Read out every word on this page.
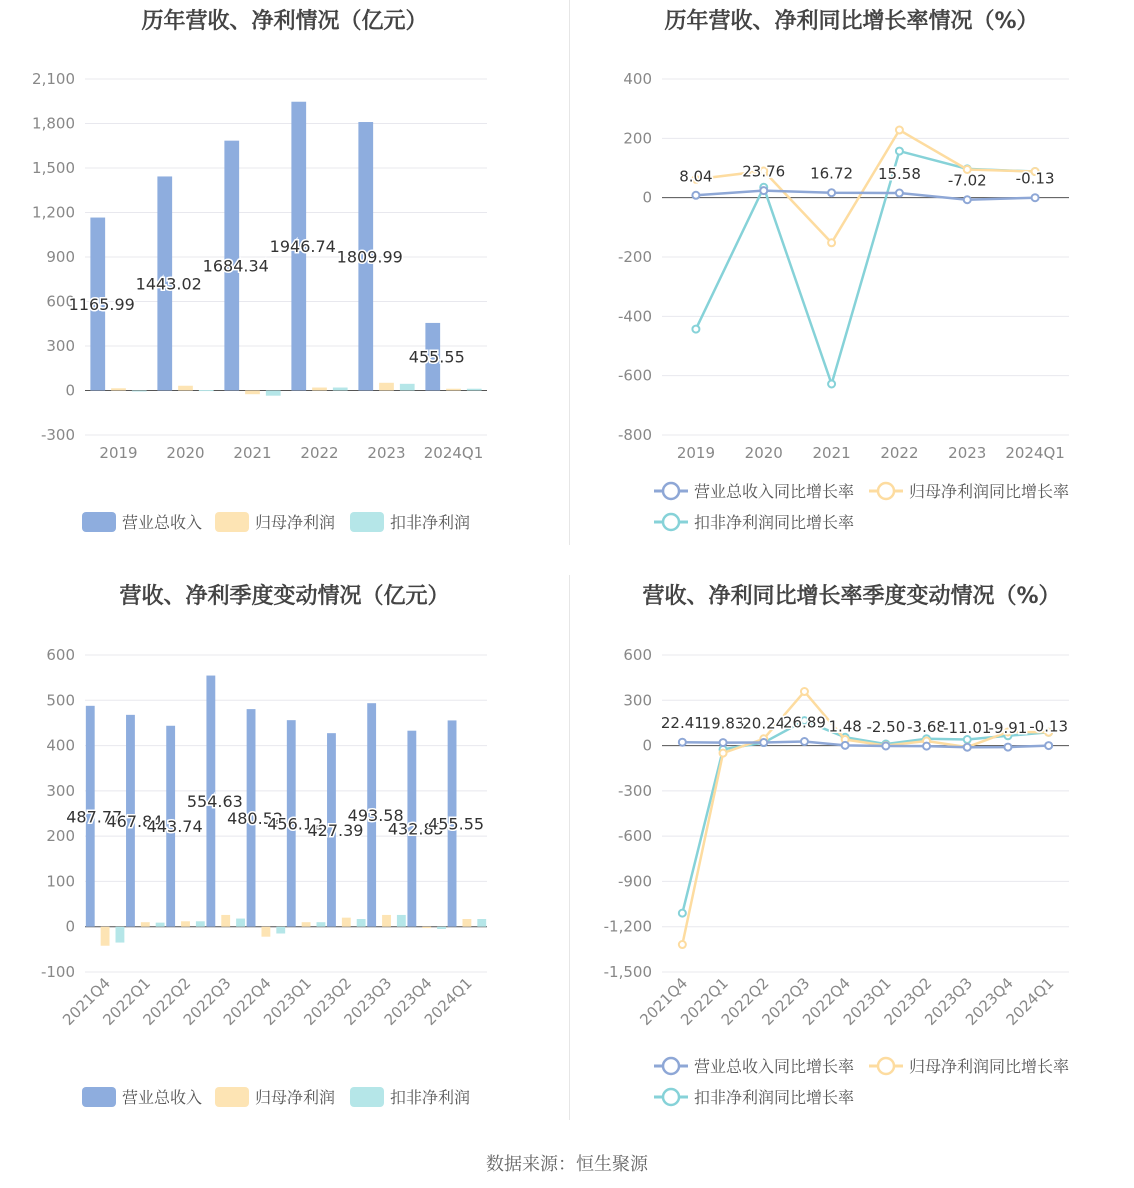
历年营收、净利情况（亿元）
2,100
1,800
1,500
1,200
900
600
300
0
-300
2019 2020 2021 2022 2023 2024Q1
1165.99
1443.02
1684.34
1946.74
1809.99
455.55
营业总收入	归母净利润	扣非净利润
历年营收、净利同比增长率情况（%）
400
200
0
-200
-400
-600
-800
2019 2020 2021 2022 2023 2024Q1
8.04 23.76 16.72 15.58 -7.02 -0.13
营业总收入同比增长率	归母净利润同比增长率
扣非净利润同比增长率
营收、净利季度变动情况（亿元）
600
500
400
300
200
100
0
-100
2021Q4
2022Q1
2022Q2
2022Q3
2022Q4
2023Q1
2023Q2
2023Q3
2023Q4
2024Q1
487.77
467.84
443.74
554.63
480.52
456.12
427.39
493.58
432.85
455.55
营业总收入	归母净利润	扣非净利润
营收、净利同比增长率季度变动情况（%）
600
300
0
-300
-600
-900
-1,200
-1,500
2021Q4
2022Q1
2022Q2
2022Q3
2022Q4
2023Q1
2023Q2
2023Q3
2023Q4
2024Q1
22.41
19.83
20.24
26.89 1.48 -2.50 -3.68
-11.01
-9.91 -0.13
营业总收入同比增长率	归母净利润同比增长率
扣非净利润同比增长率
数据来源：恒生聚源
